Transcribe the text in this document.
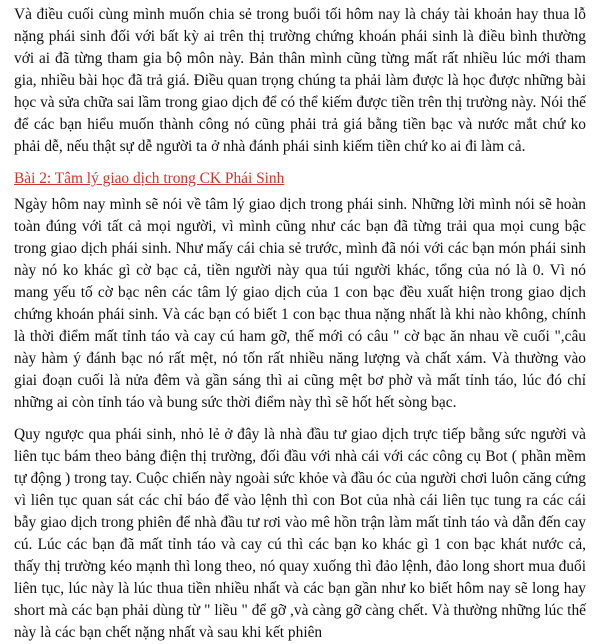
Và điều cuối cùng mình muốn chia sẻ trong buổi tối hôm nay là cháy tài khoản hay thua lỗ nặng phái sinh đối với bất kỳ ai trên thị trường chứng khoán phái sinh là điều bình thường với ai đã từng tham gia bộ môn này. Bản thân mình cũng từng mất rất nhiều lúc mới tham gia, nhiều bài học đã trả giá. Điều quan trọng chúng ta phải làm được là học được những bài học và sửa chữa sai lầm trong giao dịch để có thể kiếm được tiền trên thị trường này. Nói thế để các bạn hiểu muốn thành công nó cũng phải trả giá bằng tiền bạc và nước mắt chứ ko phải dễ, nếu thật sự dễ người ta ở nhà đánh phái sinh kiếm tiền chứ ko ai đi làm cả.

Bài 2: Tâm lý giao dịch trong CK Phái Sinh

Ngày hôm nay mình sẽ nói về tâm lý giao dịch trong phái sinh. Những lời mình nói sẽ hoàn toàn đúng với tất cả mọi người, vì mình cũng như các bạn đã từng trải qua mọi cung bậc trong giao dịch phái sinh. Như mấy cái chia sẻ trước, mình đã nói với các bạn món phái sinh này nó ko khác gì cờ bạc cả, tiền người này qua túi người khác, tổng của nó là 0. Vì nó mang yếu tố cờ bạc nên các tâm lý giao dịch của 1 con bạc đều xuất hiện trong giao dịch chứng khoán phái sinh. Và các bạn có biết 1 con bạc thua nặng nhất là khi nào không, chính là thời điểm mất tỉnh táo và cay cú ham gỡ, thế mới có câu " cờ bạc ăn nhau về cuối ",câu này hàm ý đánh bạc nó rất mệt, nó tốn rất nhiều năng lượng và chất xám. Và thường vào giai đoạn cuối là nửa đêm và gần sáng thì ai cũng mệt bơ phờ và mất tỉnh táo, lúc đó chỉ những ai còn tỉnh táo và bung sức thời điểm này thì sẽ hốt hết sòng bạc.

Quy ngược qua phái sinh, nhỏ lẻ ở đây là nhà đầu tư giao dịch trực tiếp bằng sức người và liên tục bám theo bảng điện thị trường, đối đầu với nhà cái với các công cụ Bot ( phần mềm tự động ) trong tay. Cuộc chiến này ngoài sức khỏe và đầu óc của người chơi luôn căng cứng vì liên tục quan sát các chỉ báo để vào lệnh thì con Bot của nhà cái liên tục tung ra các cái bẫy giao dịch trong phiên để nhà đầu tư rơi vào mê hồn trận làm mất tỉnh táo và dẫn đến cay cú. Lúc các bạn đã mất tỉnh táo và cay cú thì các bạn ko khác gì 1 con bạc khát nước cả, thấy thị trường kéo mạnh thì long theo, nó quay xuống thì đảo lệnh, đảo long short mua đuổi liên tục, lúc này là lúc thua tiền nhiều nhất và các bạn gần như ko biết hôm nay sẽ long hay short mà các bạn phải dùng từ " liều " để gỡ ,và càng gỡ càng chết. Và thường những lúc thế này là các bạn chết nặng nhất và sau khi kết phiên
